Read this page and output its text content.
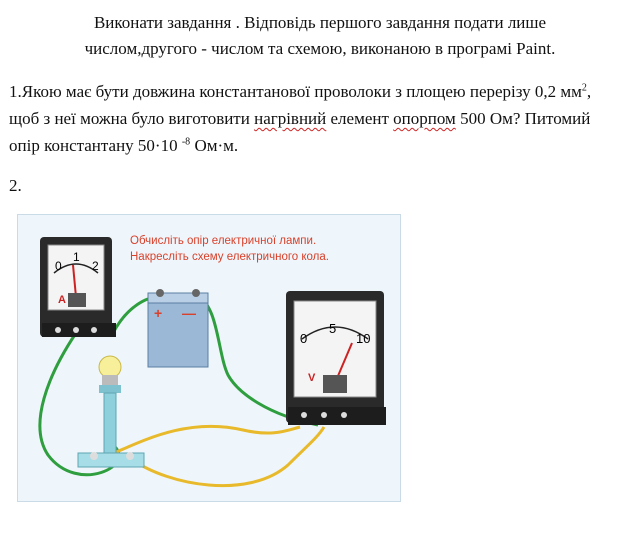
Виконати завдання . Відповідь першого завдання подати лише
числом,другого - числом та схемою, виконаною в програмі Paint.
1.Якою має бути довжина константанової проволоки з площею перерізу 0,2 $мм^2$, щоб з неї можна було виготовити нагрівний елемент опорпом 500 Ом? Питомий опір константану 50·10 $^{-8}$ Ом·м.
2.
0
1
2
A
+ —
0
5
10
V
Обчисліть опір електричної лампи.
Накресліть схему електричного кола.
